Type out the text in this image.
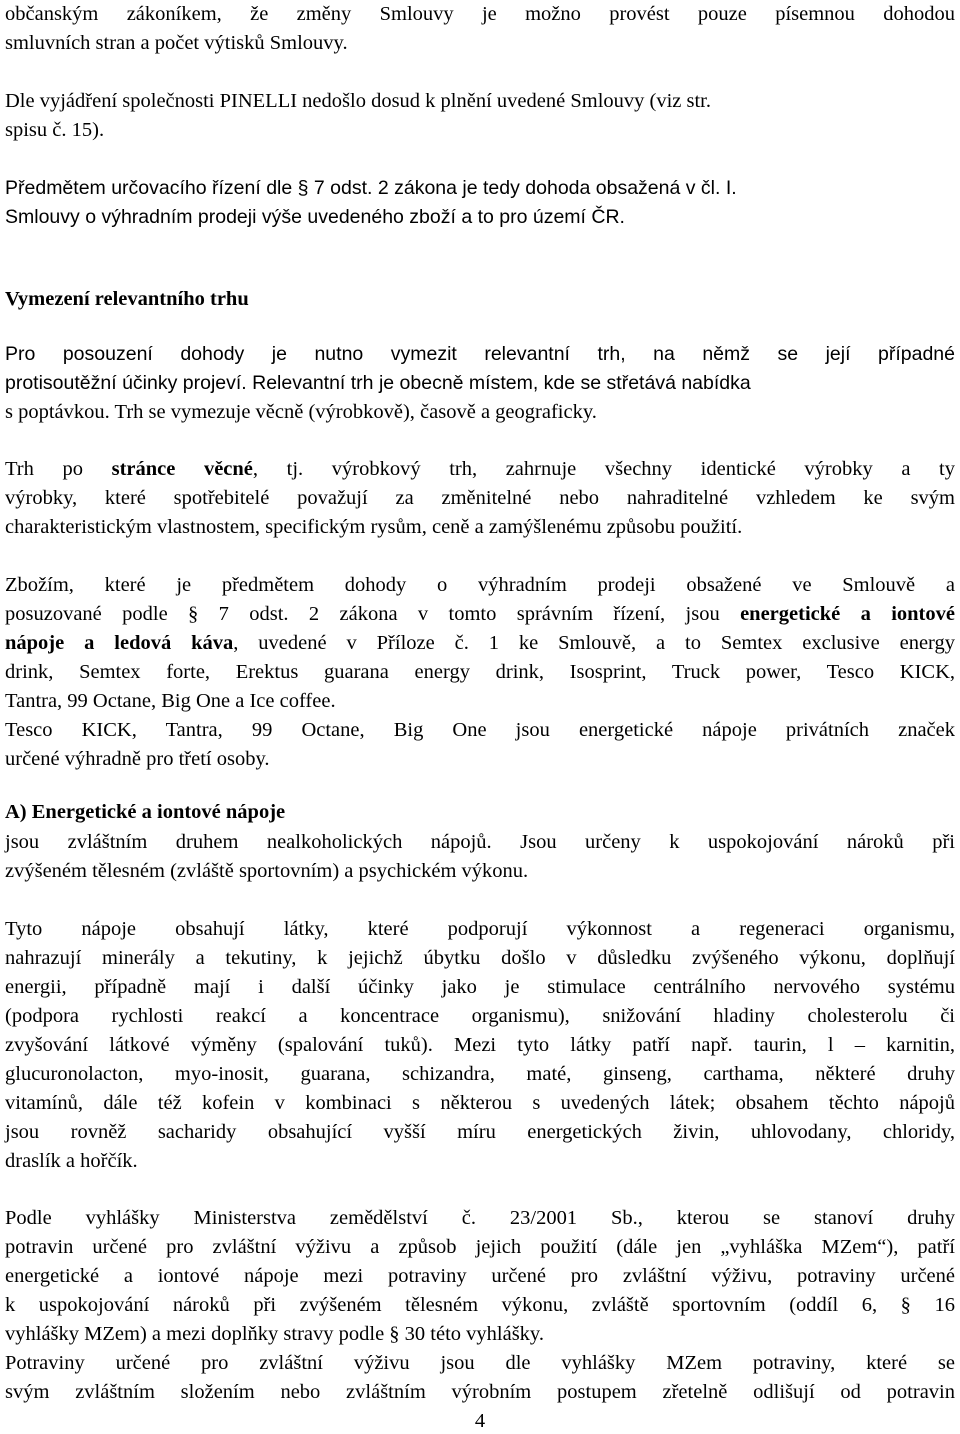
občanským zákoníkem, že změny Smlouvy je možno provést pouze písemnou dohodou
smluvních stran a počet výtisků Smlouvy.
Dle vyjádření společnosti PINELLI nedošlo dosud k plnění uvedené Smlouvy (viz str.
spisu č. 15).
Předmětem určovacího řízení dle § 7 odst. 2 zákona je tedy dohoda obsažená v čl. I.
Smlouvy o výhradním prodeji výše uvedeného zboží a to pro území ČR.
Vymezení relevantního trhu
Pro posouzení dohody je nutno vymezit relevantní trh, na němž se její případné
protisoutěžní účinky projeví. Relevantní trh je obecně místem, kde se střetává nabídka
s poptávkou. Trh se vymezuje věcně (výrobkově), časově a geograficky.
Trh po stránce věcné, tj. výrobkový trh, zahrnuje všechny identické výrobky a ty
výrobky, které spotřebitelé považují za změnitelné nebo nahraditelné vzhledem ke svým
charakteristickým vlastnostem, specifickým rysům, ceně a zamýšlenému způsobu použití.
Zbožím, které je předmětem dohody o výhradním prodeji obsažené ve Smlouvě a
posuzované podle § 7 odst. 2 zákona v tomto správním řízení, jsou energetické a iontové
nápoje a ledová káva, uvedené v Příloze č. 1 ke Smlouvě, a to Semtex exclusive energy
drink, Semtex forte, Erektus guarana energy drink, Isosprint, Truck power, Tesco KICK,
Tantra, 99 Octane, Big One a Ice coffee.
Tesco KICK, Tantra, 99 Octane, Big One jsou energetické nápoje privátních značek
určené výhradně pro třetí osoby.
A) Energetické a iontové nápoje
jsou zvláštním druhem nealkoholických nápojů. Jsou určeny k uspokojování nároků při
zvýšeném tělesném (zvláště sportovním) a psychickém výkonu.
Tyto nápoje obsahují látky, které podporují výkonnost a regeneraci organismu,
nahrazují minerály a tekutiny, k jejichž úbytku došlo v důsledku zvýšeného výkonu, doplňují
energii, případně mají i další účinky jako je stimulace centrálního nervového systému
(podpora rychlosti reakcí a koncentrace organismu), snižování hladiny cholesterolu či
zvyšování látkové výměny (spalování tuků). Mezi tyto látky patří např. taurin, l – karnitin,
glucuronolacton, myo-inosit, guarana, schizandra, maté, ginseng, carthama, některé druhy
vitamínů, dále též kofein v kombinaci s některou s uvedených látek; obsahem těchto nápojů
jsou rovněž sacharidy obsahující vyšší míru energetických živin, uhlovodany, chloridy,
draslík a hořčík.
Podle vyhlášky Ministerstva zemědělství č. 23/2001 Sb., kterou se stanoví druhy
potravin určené pro zvláštní výživu a způsob jejich použití (dále jen „vyhláška MZem“), patří
energetické a iontové nápoje mezi potraviny určené pro zvláštní výživu, potraviny určené
k uspokojování nároků při zvýšeném tělesném výkonu, zvláště sportovním (oddíl 6, § 16
vyhlášky MZem) a mezi doplňky stravy podle § 30 této vyhlášky.
Potraviny určené pro zvláštní výživu jsou dle vyhlášky MZem potraviny, které se
svým zvláštním složením nebo zvláštním výrobním postupem zřetelně odlišují od potravin
4
